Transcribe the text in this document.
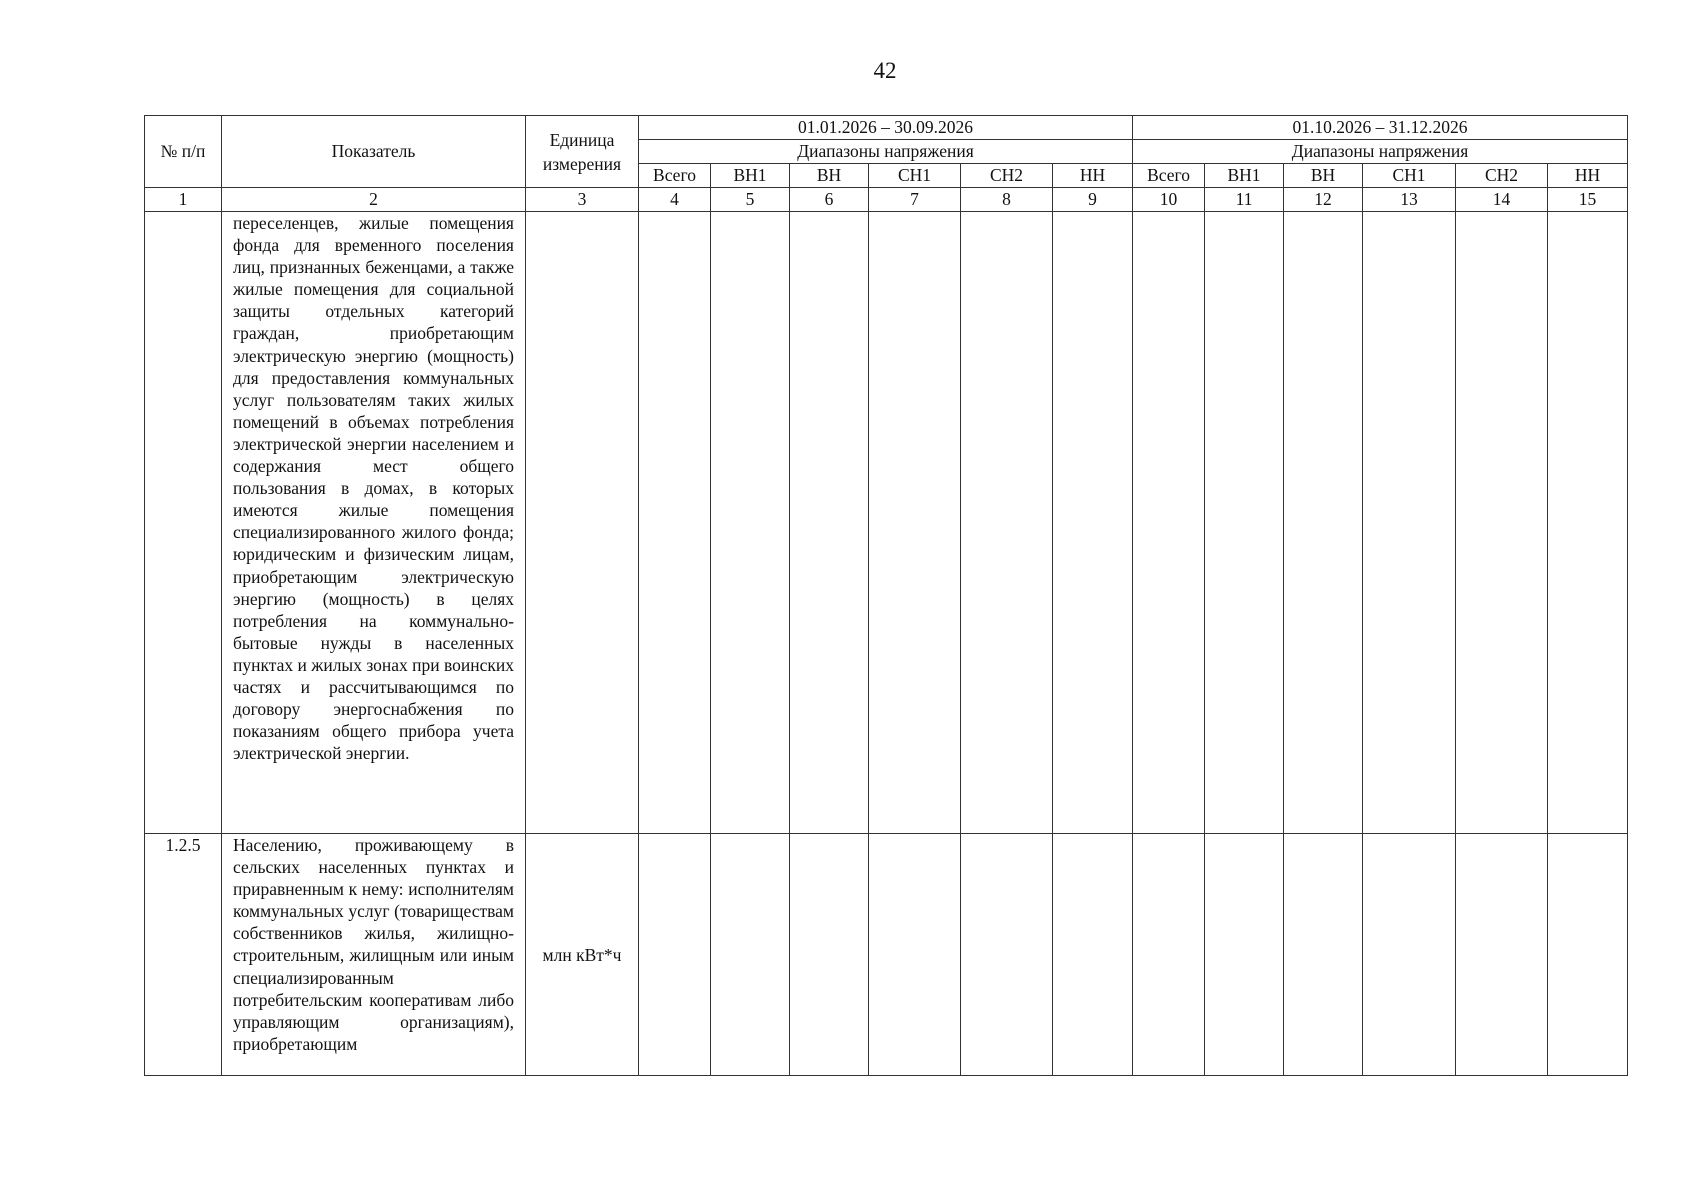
42
№ п/п	Показатель	Единица измерения	01.01.2026 – 30.09.2026						01.10.2026 – 31.12.2026					
			Диапазоны напряжения						Диапазоны напряжения					
			Всего	ВН1	ВН	СН1	СН2	НН	Всего	ВН1	ВН	СН1	СН2	НН
1	2	3	4	5	6	7	8	9	10	11	12	13	14	15
	переселенцев, жилые помещения фонда для временного поселения лиц, признанных беженцами, а также жилые помещения для социальной защиты отдельных категорий граждан, приобретающим электрическую энергию (мощность) для предоставления коммунальных услуг пользователям таких жилых помещений в объемах потребления электрической энергии населением и содержания мест общего пользования в домах, в которых имеются жилые помещения специализированного жилого фонда; юридическим и физическим лицам, приобретающим электрическую энергию (мощность) в целях потребления на коммунально-бытовые нужды в населенных пунктах и жилых зонах при воинских частях и рассчитывающимся по договору энергоснабжения по показаниям общего прибора учета электрической энергии.													
1.2.5	Населению, проживающему в сельских населенных пунктах и приравненным к нему: исполнителям коммунальных услуг (товариществам собственников жилья, жилищно-строительным, жилищным или иным специализированным потребительским кооперативам либо управляющим организациям), приобретающим	млн кВт*ч												
